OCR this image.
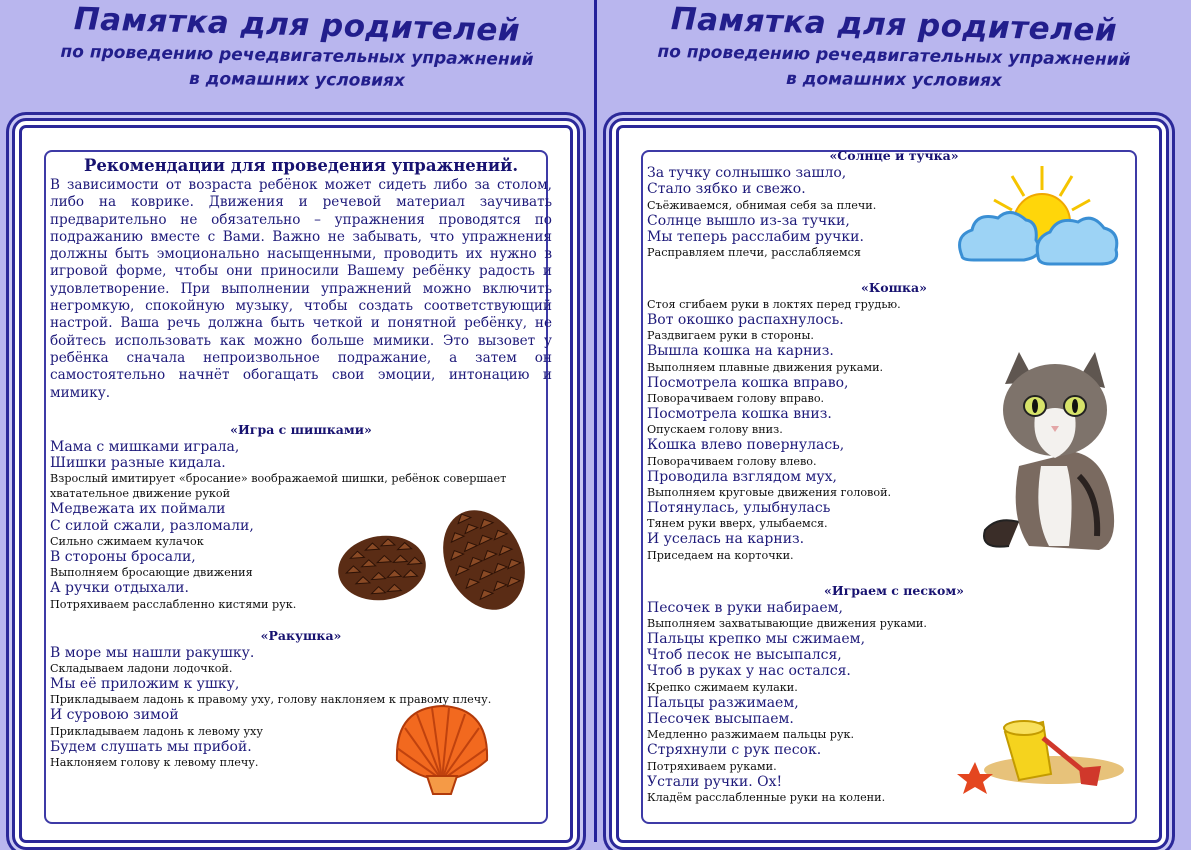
Памятка для родителей
по проведению речедвигательных упражнений
в домашних условиях

Рекомендации для проведения упражнений.

В зависимости от возраста ребёнок может сидеть либо за столом, либо на коврике. Движения и речевой материал заучивать предварительно не обязательно – упражнения проводятся по подражанию вместе с Вами. Важно не забывать, что упражнения должны быть эмоционально насыщенными, проводить их нужно в игровой форме, чтобы они приносили Вашему ребёнку радость и удовлетворение. При выполнении упражнений можно включить негромкую, спокойную музыку, чтобы создать соответствующий настрой. Ваша речь должна быть четкой и понятной ребёнку, не бойтесь использовать как можно больше мимики. Это вызовет у ребёнка сначала непроизвольное подражание, а затем он самостоятельно начнёт обогащать свои эмоции, интонацию и мимику.

«Игра с шишками»
Мама с мишками играла,
Шишки разные кидала.
Взрослый имитирует «бросание» воображаемой шишки, ребёнок совершает хватательное движение рукой
Медвежата их поймали
С силой сжали, разломали,
Сильно сжимаем кулачок
В стороны бросали,
Выполняем бросающие движения
А ручки отдыхали.
Потряхиваем расслабленно кистями рук.
«Ракушка»
В море мы нашли ракушку.
Складываем ладони лодочкой.
Мы её приложим к ушку,
Прикладываем ладонь к правому уху, голову наклоняем к правому плечу.
И суровою зимой
Прикладываем ладонь к левому уху
Будем слушать мы прибой.
Наклоняем голову к левому плечу.
Памятка для родителей
по проведению речедвигательных упражнений
в домашних условиях
«Солнце и тучка»
За тучку солнышко зашло,
Стало зябко и свежо.
Съёживаемся, обнимая себя за плечи.
Солнце вышло из-за тучки,
Мы теперь расслабим ручки.
Расправляем плечи, расслабляемся
«Кошка»
Стоя сгибаем руки в локтях перед грудью.
Вот окошко распахнулось.
Раздвигаем руки в стороны.
Вышла кошка на карниз.
Выполняем плавные движения руками.
Посмотрела кошка вправо,
Поворачиваем голову вправо.
Посмотрела кошка вниз.
Опускаем голову вниз.
Кошка влево повернулась,
Поворачиваем голову влево.
Проводила взглядом мух,
Выполняем круговые движения головой.
Потянулась, улыбнулась
Тянем руки вверх, улыбаемся.
И уселась на карниз.
Приседаем на корточки.
«Играем с песком»
Песочек в руки набираем,
Выполняем захватывающие движения руками.
Пальцы крепко мы сжимаем,
Чтоб песок не высыпался,
Чтоб в руках у нас остался.
Крепко сжимаем кулаки.
Пальцы разжимаем,
Песочек высыпаем.
Медленно разжимаем пальцы рук.
Стряхнули с рук песок.
Потряхиваем руками.
Устали ручки. Ох!
Кладём расслабленные руки на колени.
